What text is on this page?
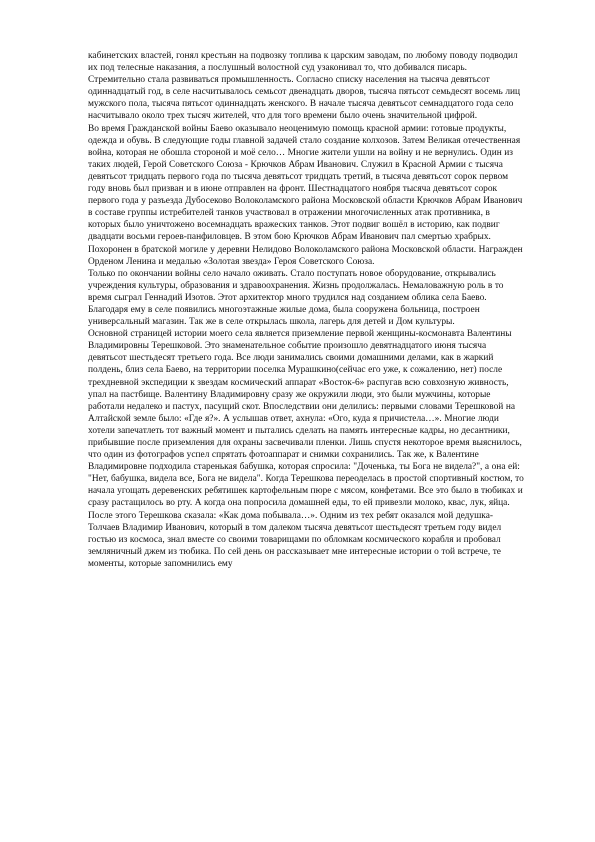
кабинетских властей, гонял крестьян на подвозку топлива к царским заводам, по любому поводу подводил их под телесные наказания, а послушный волостной суд узаконивал то, что добивался писарь. Стремительно стала развиваться промышленность. Согласно списку населения на тысяча девятьсот одиннадцатый год, в селе насчитывалось семьсот двенадцать дворов, тысяча пятьсот семьдесят восемь лиц мужского пола, тысяча пятьсот одиннадцать женского. В начале тысяча девятьсот семнадцатого года село насчитывало около трех тысяч жителей, что для того времени было очень значительной цифрой.

Во время Гражданской войны Баево оказывало неоценимую помощь красной армии: готовые продукты, одежда и обувь. В следующие годы главной задачей стало создание колхозов. Затем Великая отечественная война, которая не обошла стороной и моё село… Многие жители ушли на войну и не вернулись. Один из таких людей, Герой Советского Союза - Крючков Абрам Иванович. Служил в Красной Армии с тысяча девятьсот тридцать первого года по тысяча девятьсот тридцать третий, в тысяча девятьсот сорок первом году вновь был призван и в июне отправлен на фронт. Шестнадцатого ноября тысяча девятьсот сорок первого года у разъезда Дубосеково Волоколамского района Московской области Крючков Абрам Иванович в составе группы истребителей танков участвовал в отражении многочисленных атак противника, в которых было уничтожено восемнадцать вражеских танков. Этот подвиг вошёл в историю, как подвиг двадцати восьми героев-панфиловцев. В этом бою Крючков Абрам Иванович пал смертью храбрых. Похоронен в братской могиле у деревни Нелидово Волоколамского района Московской области. Награжден Орденом Ленина и медалью «Золотая звезда» Героя Советского Союза.

Только по окончании войны село начало оживать. Стало поступать новое оборудование, открывались учреждения культуры, образования и здравоохранения. Жизнь продолжалась. Немаловажную роль в то время сыграл Геннадий Изотов. Этот архитектор много трудился над созданием облика села Баево. Благодаря ему в селе появились многоэтажные жилые дома, была сооружена больница, построен универсальный магазин. Так же в селе открылась школа, лагерь для детей и Дом культуры.

Основной страницей истории моего села является приземление первой женщины-космонавта Валентины Владимировны Терешковой. Это знаменательное событие произошло девятнадцатого июня тысяча девятьсот шестьдесят третьего года. Все люди занимались своими домашними делами, как в жаркий полдень, близ села Баево, на территории поселка Мурашкино(сейчас его уже, к сожалению, нет) после трехдневной экспедиции к звездам космический аппарат «Восток-6» распугав всю совхозную живность, упал на пастбище. Валентину Владимировну сразу же окружили люди, это были мужчины, которые работали недалеко и пастух, пасущий скот. Впоследствии они делились: первыми словами Терешковой на Алтайской земле было: «Где я?». А услышав ответ, ахнула: «Ого, куда я причистела…». Многие люди хотели запечатлеть тот важный момент и пытались сделать на память интересные кадры, но десантники, прибывшие после приземления для охраны засвечивали пленки. Лишь спустя некоторое время выяснилось, что один из фотографов успел спрятать фотоаппарат и снимки сохранились. Так же, к Валентине Владимировне подходила старенькая бабушка, которая спросила: "Доченька, ты Бога не видела?", а она ей: "Нет, бабушка, видела все, Бога не видела". Когда Терешкова переоделась в простой спортивный костюм, то начала угощать деревенских ребятишек картофельным пюре с мясом, конфетами. Все это было в тюбиках и сразу растащилось во рту. А когда она попросила домашней еды, то ей привезли молоко, квас, лук, яйца. После этого Терешкова сказала: «Как дома побывала…». Одним из тех ребят оказался мой дедушка-Толчаев Владимир Иванович, который в том далеком тысяча девятьсот шестьдесят третьем году видел гостью из космоса, знал вместе со своими товарищами по обломкам космического корабля и пробовал земляничный джем из тюбика. По сей день он рассказывает мне интересные истории о той встрече, те моменты, которые запомнились ему
